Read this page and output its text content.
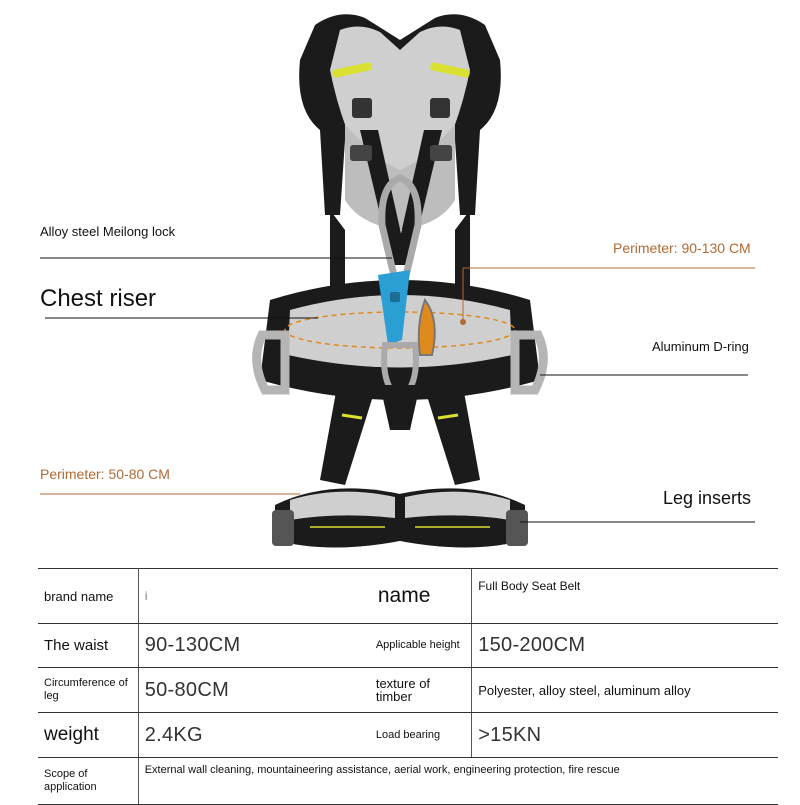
Alloy steel Meilong lock
Chest riser
Perimeter: 90-130 CM
Aluminum D-ring
Perimeter: 50-80 CM
Leg inserts
brand name	i	name	Full Body Seat Belt
The waist	90-130CM	Applicable height	150-200CM
Circumference of leg	50-80CM	texture of timber	Polyester, alloy steel, aluminum alloy
weight	2.4KG	Load bearing	>15KN
Scope of application	External wall cleaning, mountaineering assistance, aerial work, engineering protection, fire rescue		
